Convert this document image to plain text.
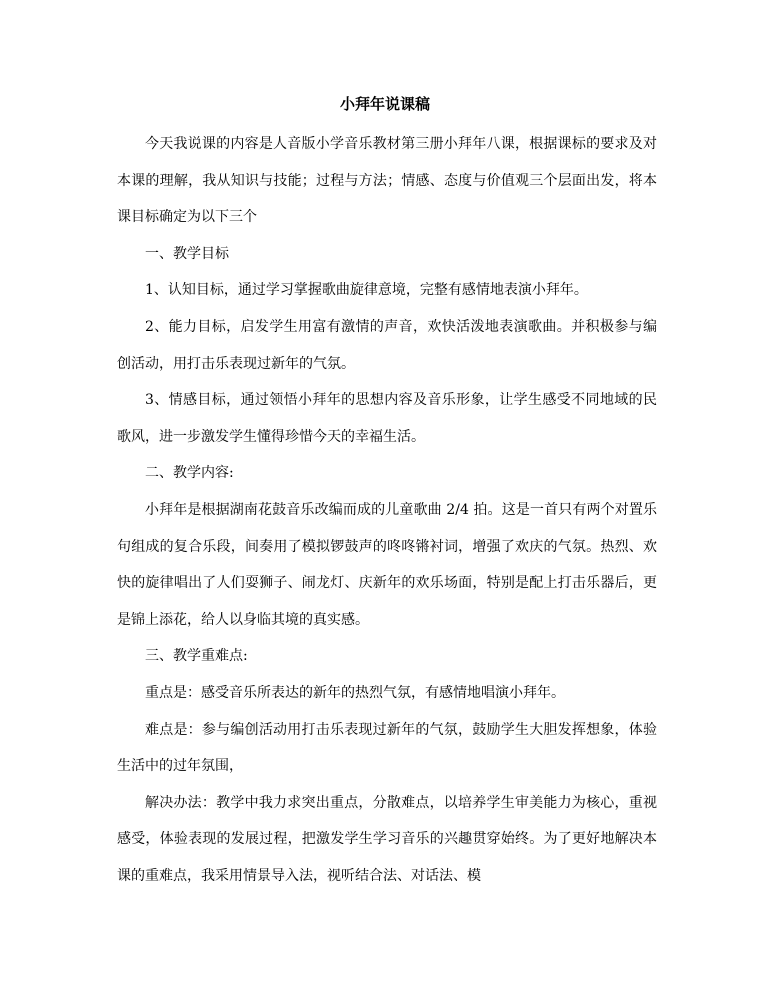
小拜年说课稿

今天我说课的内容是人音版小学音乐教材第三册小拜年八课，根据课标的要求及对本课的理解，我从知识与技能；过程与方法；情感、态度与价值观三个层面出发，将本课目标确定为以下三个

一、教学目标

1、认知目标，通过学习掌握歌曲旋律意境，完整有感情地表演小拜年。

2、能力目标，启发学生用富有激情的声音，欢快活泼地表演歌曲。并积极参与编创活动，用打击乐表现过新年的气氛。

3、情感目标，通过领悟小拜年的思想内容及音乐形象，让学生感受不同地域的民歌风，进一步激发学生懂得珍惜今天的幸福生活。

二、教学内容:

小拜年是根据湖南花鼓音乐改编而成的儿童歌曲 2/4 拍。这是一首只有两个对置乐句组成的复合乐段，间奏用了模拟锣鼓声的咚咚锵衬词，增强了欢庆的气氛。热烈、欢快的旋律唱出了人们耍狮子、闹龙灯、庆新年的欢乐场面，特别是配上打击乐器后，更是锦上添花，给人以身临其境的真实感。

三、教学重难点:

重点是：感受音乐所表达的新年的热烈气氛，有感情地唱演小拜年。

难点是：参与编创活动用打击乐表现过新年的气氛，鼓励学生大胆发挥想象，体验生活中的过年氛围，

解决办法：教学中我力求突出重点，分散难点，以培养学生审美能力为核心，重视感受，体验表现的发展过程，把激发学生学习音乐的兴趣贯穿始终。为了更好地解决本课的重难点，我采用情景导入法，视听结合法、对话法、模
